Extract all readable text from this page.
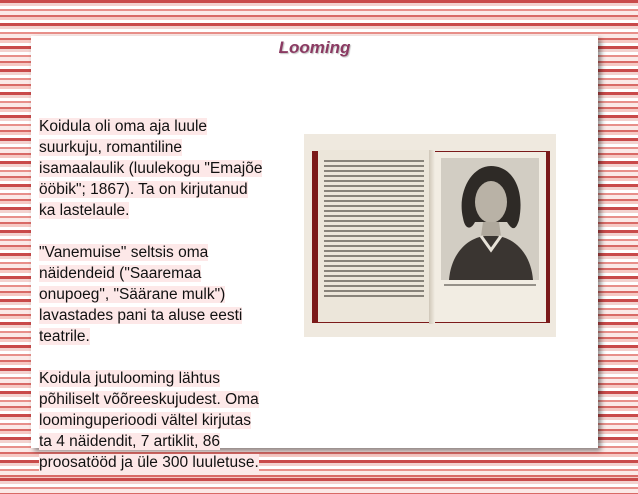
Looming

Koidula oli oma aja luule
suurkuju, romantiline
isamaalaulik (luulekogu "Emajõe
ööbik"; 1867). Ta on kirjutanud
ka lastelaule.

"Vanemuise" seltsis oma
näidendeid ("Saaremaa
onupoeg", "Säärane mulk")
lavastades pani ta aluse eesti
teatrile.

Koidula jutulooming lähtus
põhiliselt võõreeskujudest. Oma
loominguperioodi vältel kirjutas
ta 4 näidendit, 7 artiklit, 86
proosatööd ja üle 300 luuletuse.
